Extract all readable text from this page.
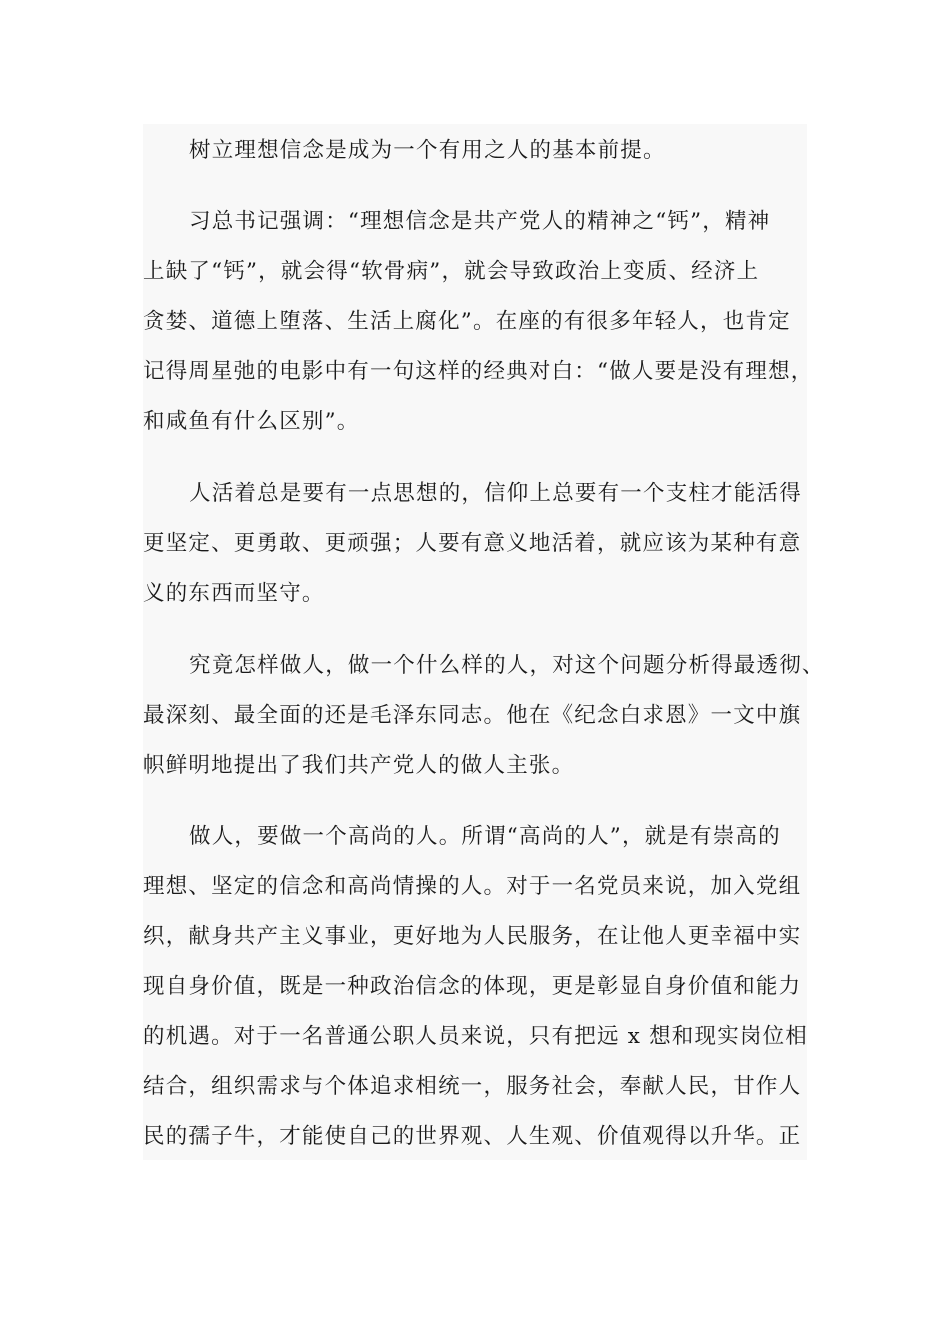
树立理想信念是成为一个有用之人的基本前提。
习总书记强调：“理想信念是共产党人的精神之“钙”，精神
上缺了“钙”，就会得“软骨病”，就会导致政治上变质、经济上
贪婪、道德上堕落、生活上腐化”。在座的有很多年轻人，也肯定
记得周星弛的电影中有一句这样的经典对白：“做人要是没有理想，
和咸鱼有什么区别”。
人活着总是要有一点思想的，信仰上总要有一个支柱才能活得
更坚定、更勇敢、更顽强；人要有意义地活着，就应该为某种有意
义的东西而坚守。
究竟怎样做人，做一个什么样的人，对这个问题分析得最透彻、
最深刻、最全面的还是毛泽东同志。他在《纪念白求恩》一文中旗
帜鲜明地提出了我们共产党人的做人主张。
做人，要做一个高尚的人。所谓“高尚的人”，就是有崇高的
理想、坚定的信念和高尚情操的人。对于一名党员来说，加入党组
织，献身共产主义事业，更好地为人民服务，在让他人更幸福中实
现自身价值，既是一种政治信念的体现，更是彰显自身价值和能力
的机遇。对于一名普通公职人员来说，只有把远 x 想和现实岗位相
结合，组织需求与个体追求相统一，服务社会，奉献人民，甘作人
民的孺子牛，才能使自己的世界观、人生观、价值观得以升华。正
